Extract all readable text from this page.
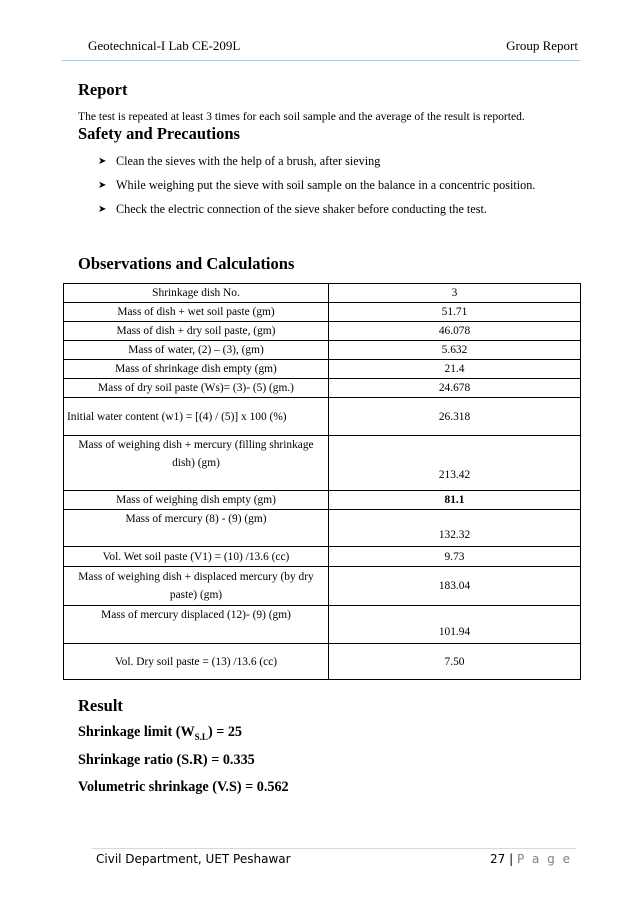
Geotechnical-I Lab CE-209L	Group Report
Report
The test is repeated at least 3 times for each soil sample and the average of the result is reported.
Safety and Precautions
➤ Clean the sieves with the help of a brush, after sieving
➤ While weighing put the sieve with soil sample on the balance in a concentric position.
➤ Check the electric connection of the sieve shaker before conducting the test.
Observations and Calculations
Shrinkage dish No.	3
Mass of dish + wet soil paste (gm)	51.71
Mass of dish + dry soil paste, (gm)	46.078
Mass of water, (2) – (3), (gm)	5.632
Mass of shrinkage dish empty (gm)	21.4
Mass of dry soil paste (Ws)= (3)- (5) (gm.)	24.678
Initial water content (w1) = [(4) / (5)] x 100 (%)	26.318
Mass of weighing dish + mercury (filling shrinkage dish) (gm)	213.42
Mass of weighing dish empty (gm)	81.1
Mass of mercury (8) - (9) (gm)	132.32
Vol. Wet soil paste (V1) = (10) /13.6 (cc)	9.73
Mass of weighing dish + displaced mercury (by dry paste) (gm)	183.04
Mass of mercury displaced (12)- (9) (gm)	101.94
Vol. Dry soil paste = (13) /13.6 (cc)	7.50
Result
Shrinkage limit $(W_{S.L}) = 25$
Shrinkage ratio (S.R) = 0.335
Volumetric shrinkage (V.S) = 0.562
Civil Department, UET Peshawar	27 | P a g e
